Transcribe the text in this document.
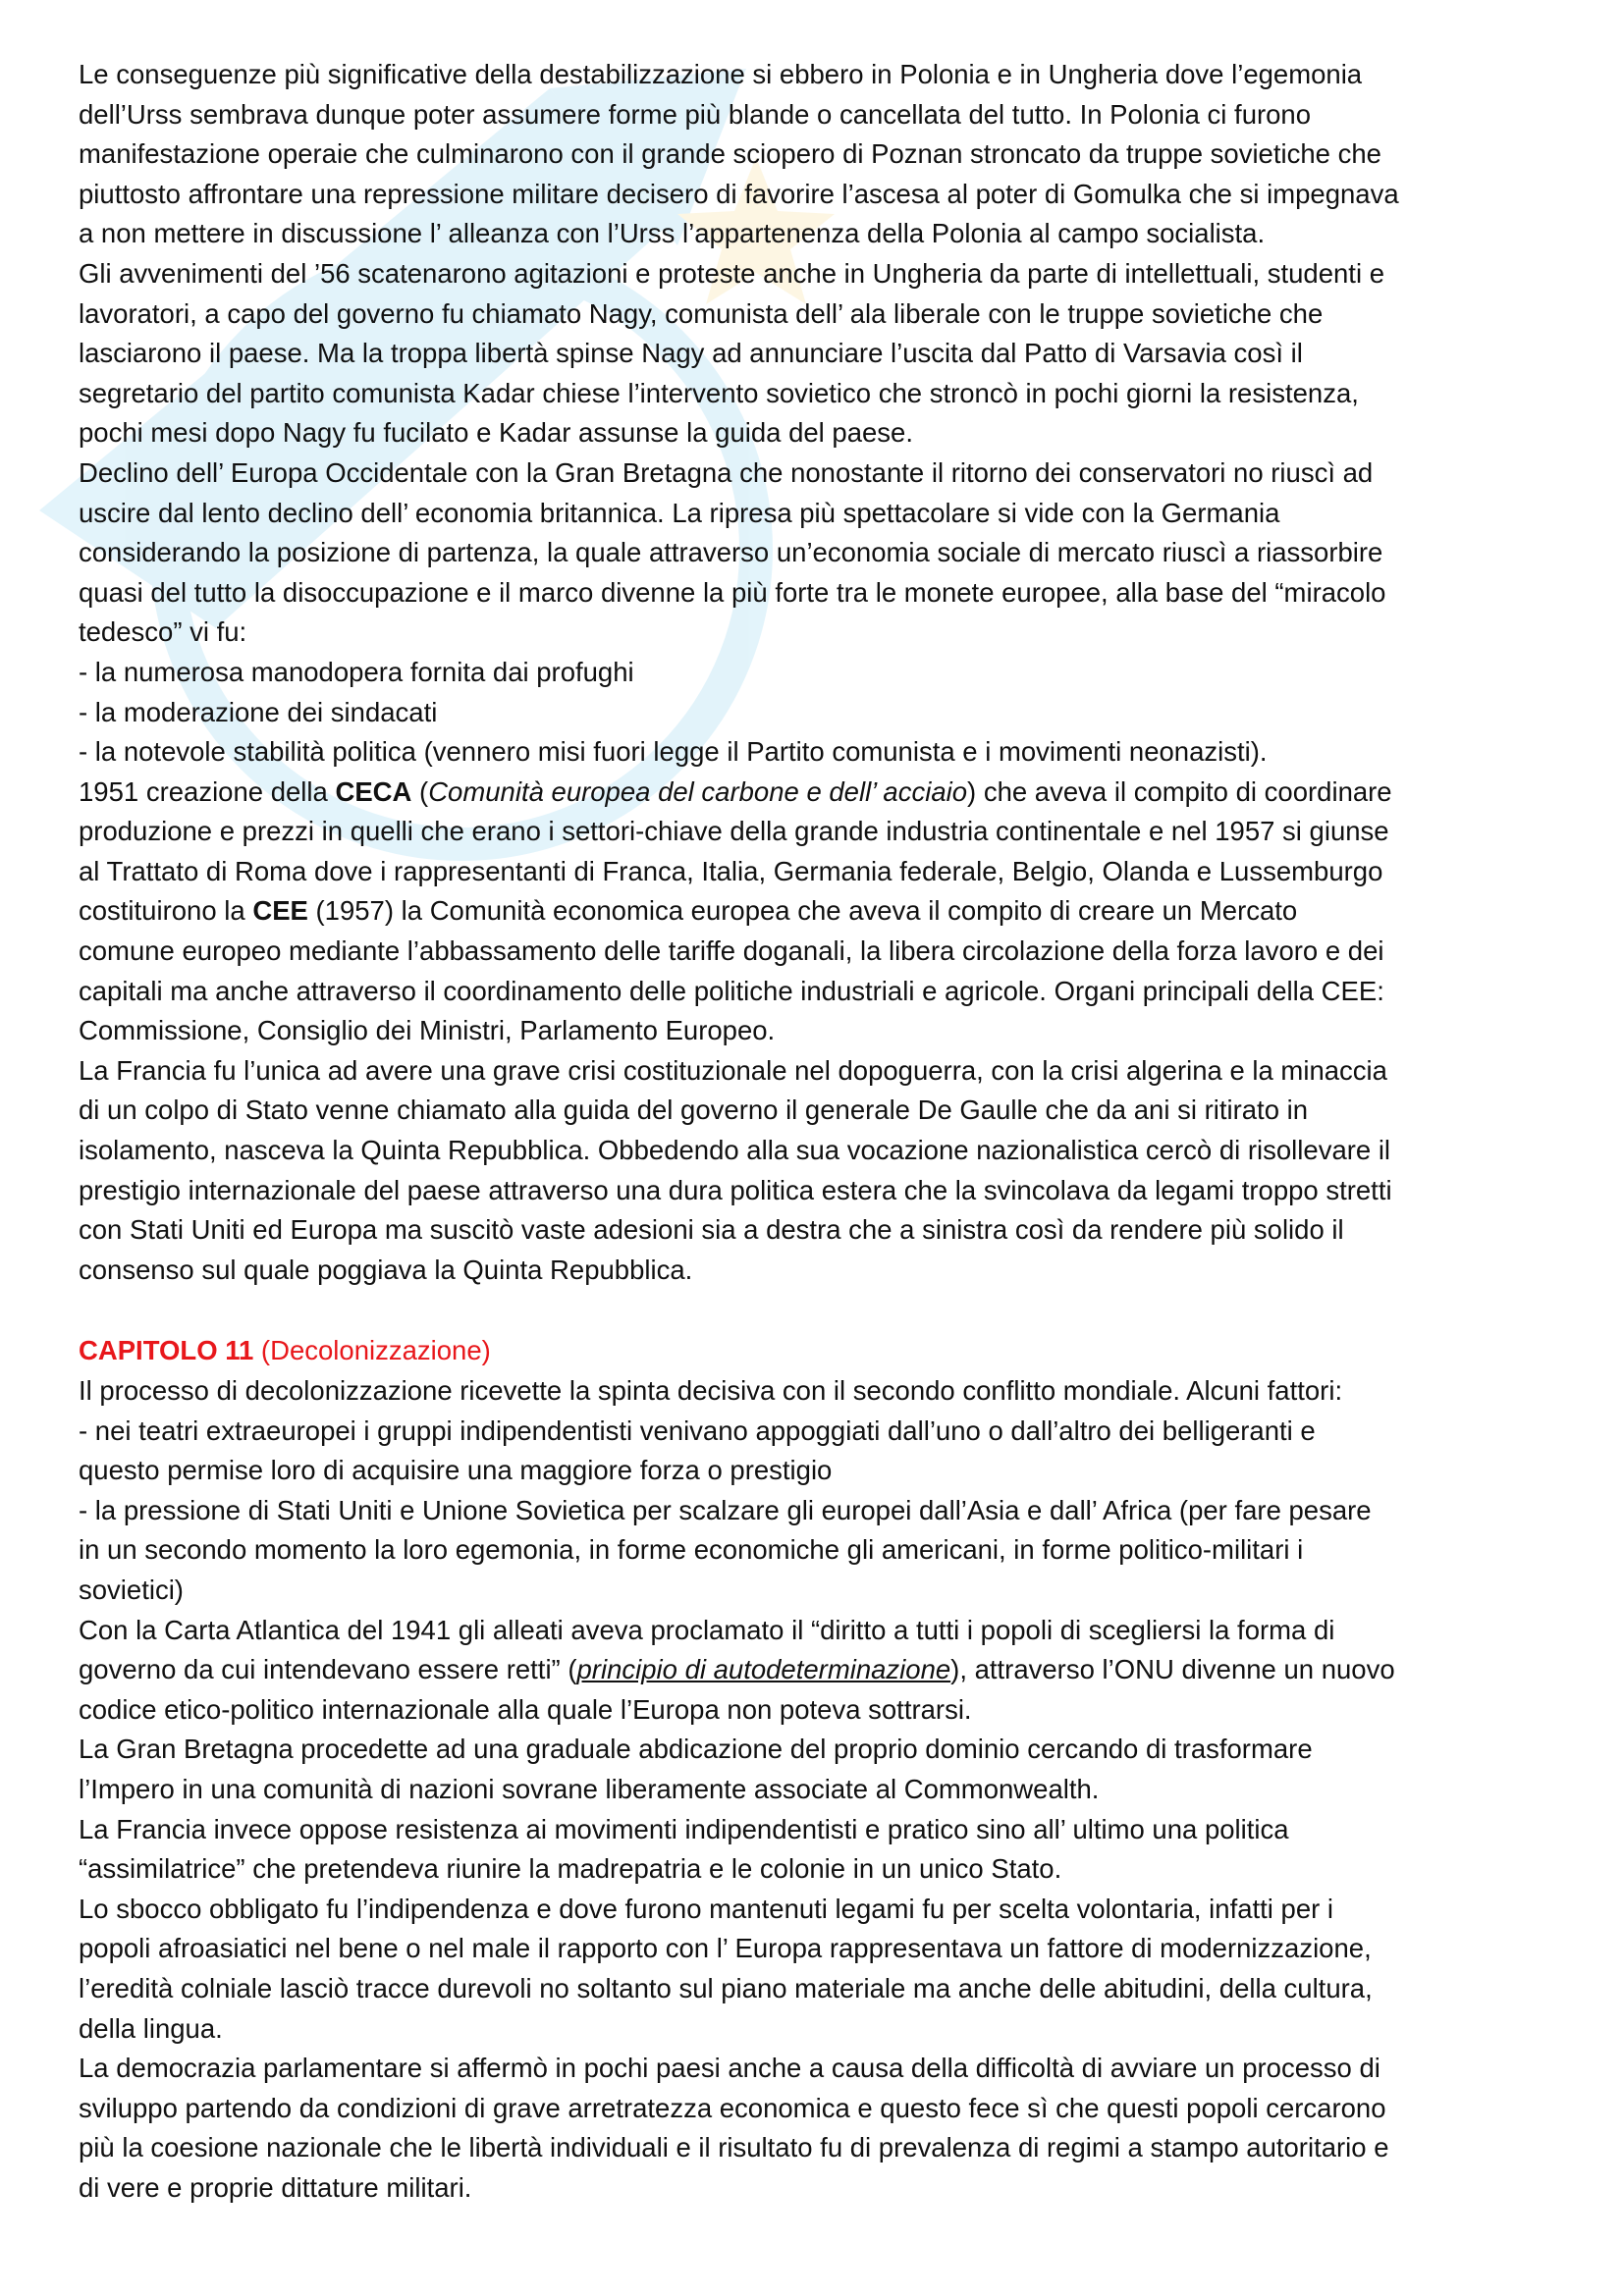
Le conseguenze più significative della destabilizzazione si ebbero in Polonia e in Ungheria dove l’egemonia
dell’Urss sembrava dunque poter assumere forme più blande o cancellata del tutto. In Polonia ci furono
manifestazione operaie che culminarono con il grande sciopero di Poznan stroncato da truppe sovietiche che
piuttosto affrontare una repressione militare decisero di favorire l’ascesa al poter di Gomulka che si impegnava
a non mettere in discussione l’ alleanza con l’Urss l’appartenenza della Polonia al campo socialista.
Gli avvenimenti del ’56 scatenarono agitazioni e proteste anche in Ungheria da parte di intellettuali, studenti e
lavoratori, a capo del governo fu chiamato Nagy, comunista dell’ ala liberale con le truppe sovietiche che
lasciarono il paese. Ma la troppa libertà spinse Nagy ad annunciare l’uscita dal Patto di Varsavia così il
segretario del partito comunista Kadar chiese l’intervento sovietico che stroncò in pochi giorni la resistenza,
pochi mesi dopo Nagy fu fucilato e Kadar assunse la guida del paese.
Declino dell’ Europa Occidentale con la Gran Bretagna che nonostante il ritorno dei conservatori no riuscì ad
uscire dal lento declino dell’ economia britannica. La ripresa più spettacolare si vide con la Germania
considerando la posizione di partenza, la quale attraverso un’economia sociale di mercato riuscì a riassorbire
quasi del tutto la disoccupazione e il marco divenne la più forte tra le monete europee, alla base del “miracolo
tedesco” vi fu:
- la numerosa manodopera fornita dai profughi
- la moderazione dei sindacati
- la notevole stabilità politica (vennero misi fuori legge il Partito comunista e i movimenti neonazisti).
1951 creazione della CECA (Comunità europea del carbone e dell’ acciaio) che aveva il compito di coordinare
produzione e prezzi in quelli che erano i settori-chiave della grande industria continentale e nel 1957 si giunse
al Trattato di Roma dove i rappresentanti di Franca, Italia, Germania federale, Belgio, Olanda e Lussemburgo
costituirono la CEE (1957) la Comunità economica europea che aveva il compito di creare un Mercato
comune europeo mediante l’abbassamento delle tariffe doganali, la libera circolazione della forza lavoro e dei
capitali ma anche attraverso il coordinamento delle politiche industriali e agricole. Organi principali della CEE:
Commissione, Consiglio dei Ministri, Parlamento Europeo.
La Francia fu l’unica ad avere una grave crisi costituzionale nel dopoguerra, con la crisi algerina e la minaccia
di un colpo di Stato venne chiamato alla guida del governo il generale De Gaulle che da ani si ritirato in
isolamento, nasceva la Quinta Repubblica. Obbedendo alla sua vocazione nazionalistica cercò di risollevare il
prestigio internazionale del paese attraverso una dura politica estera che la svincolava da legami troppo stretti
con Stati Uniti ed Europa ma suscitò vaste adesioni sia a destra che a sinistra così da rendere più solido il
consenso sul quale poggiava la Quinta Repubblica.
CAPITOLO 11 (Decolonizzazione)
Il processo di decolonizzazione ricevette la spinta decisiva con il secondo conflitto mondiale. Alcuni fattori:
- nei teatri extraeuropei i gruppi indipendentisti venivano appoggiati dall’uno o dall’altro dei belligeranti e
questo permise loro di acquisire una maggiore forza o prestigio
- la pressione di Stati Uniti e Unione Sovietica per scalzare gli europei dall’Asia e dall’ Africa (per fare pesare
in un secondo momento la loro egemonia, in forme economiche gli americani, in forme politico-militari i
sovietici)
Con la Carta Atlantica del 1941 gli alleati aveva proclamato il “diritto a tutti i popoli di scegliersi la forma di
governo da cui intendevano essere retti” (principio di autodeterminazione), attraverso l’ONU divenne un nuovo
codice etico-politico internazionale alla quale l’Europa non poteva sottrarsi.
La Gran Bretagna procedette ad una graduale abdicazione del proprio dominio cercando di trasformare
l’Impero in una comunità di nazioni sovrane liberamente associate al Commonwealth.
La Francia invece oppose resistenza ai movimenti indipendentisti e pratico sino all’ ultimo una politica
“assimilatrice” che pretendeva riunire la madrepatria e le colonie in un unico Stato.
Lo sbocco obbligato fu l’indipendenza e dove furono mantenuti legami fu per scelta volontaria, infatti per i
popoli afroasiatici nel bene o nel male il rapporto con l’ Europa rappresentava un fattore di modernizzazione,
l’eredità colniale lasciò tracce durevoli no soltanto sul piano materiale ma anche delle abitudini, della cultura,
della lingua.
La democrazia parlamentare si affermò in pochi paesi anche a causa della difficoltà di avviare un processo di
sviluppo partendo da condizioni di grave arretratezza economica e questo fece sì che questi popoli cercarono
più la coesione nazionale che le libertà individuali e il risultato fu di prevalenza di regimi a stampo autoritario e
di vere e proprie dittature militari.
